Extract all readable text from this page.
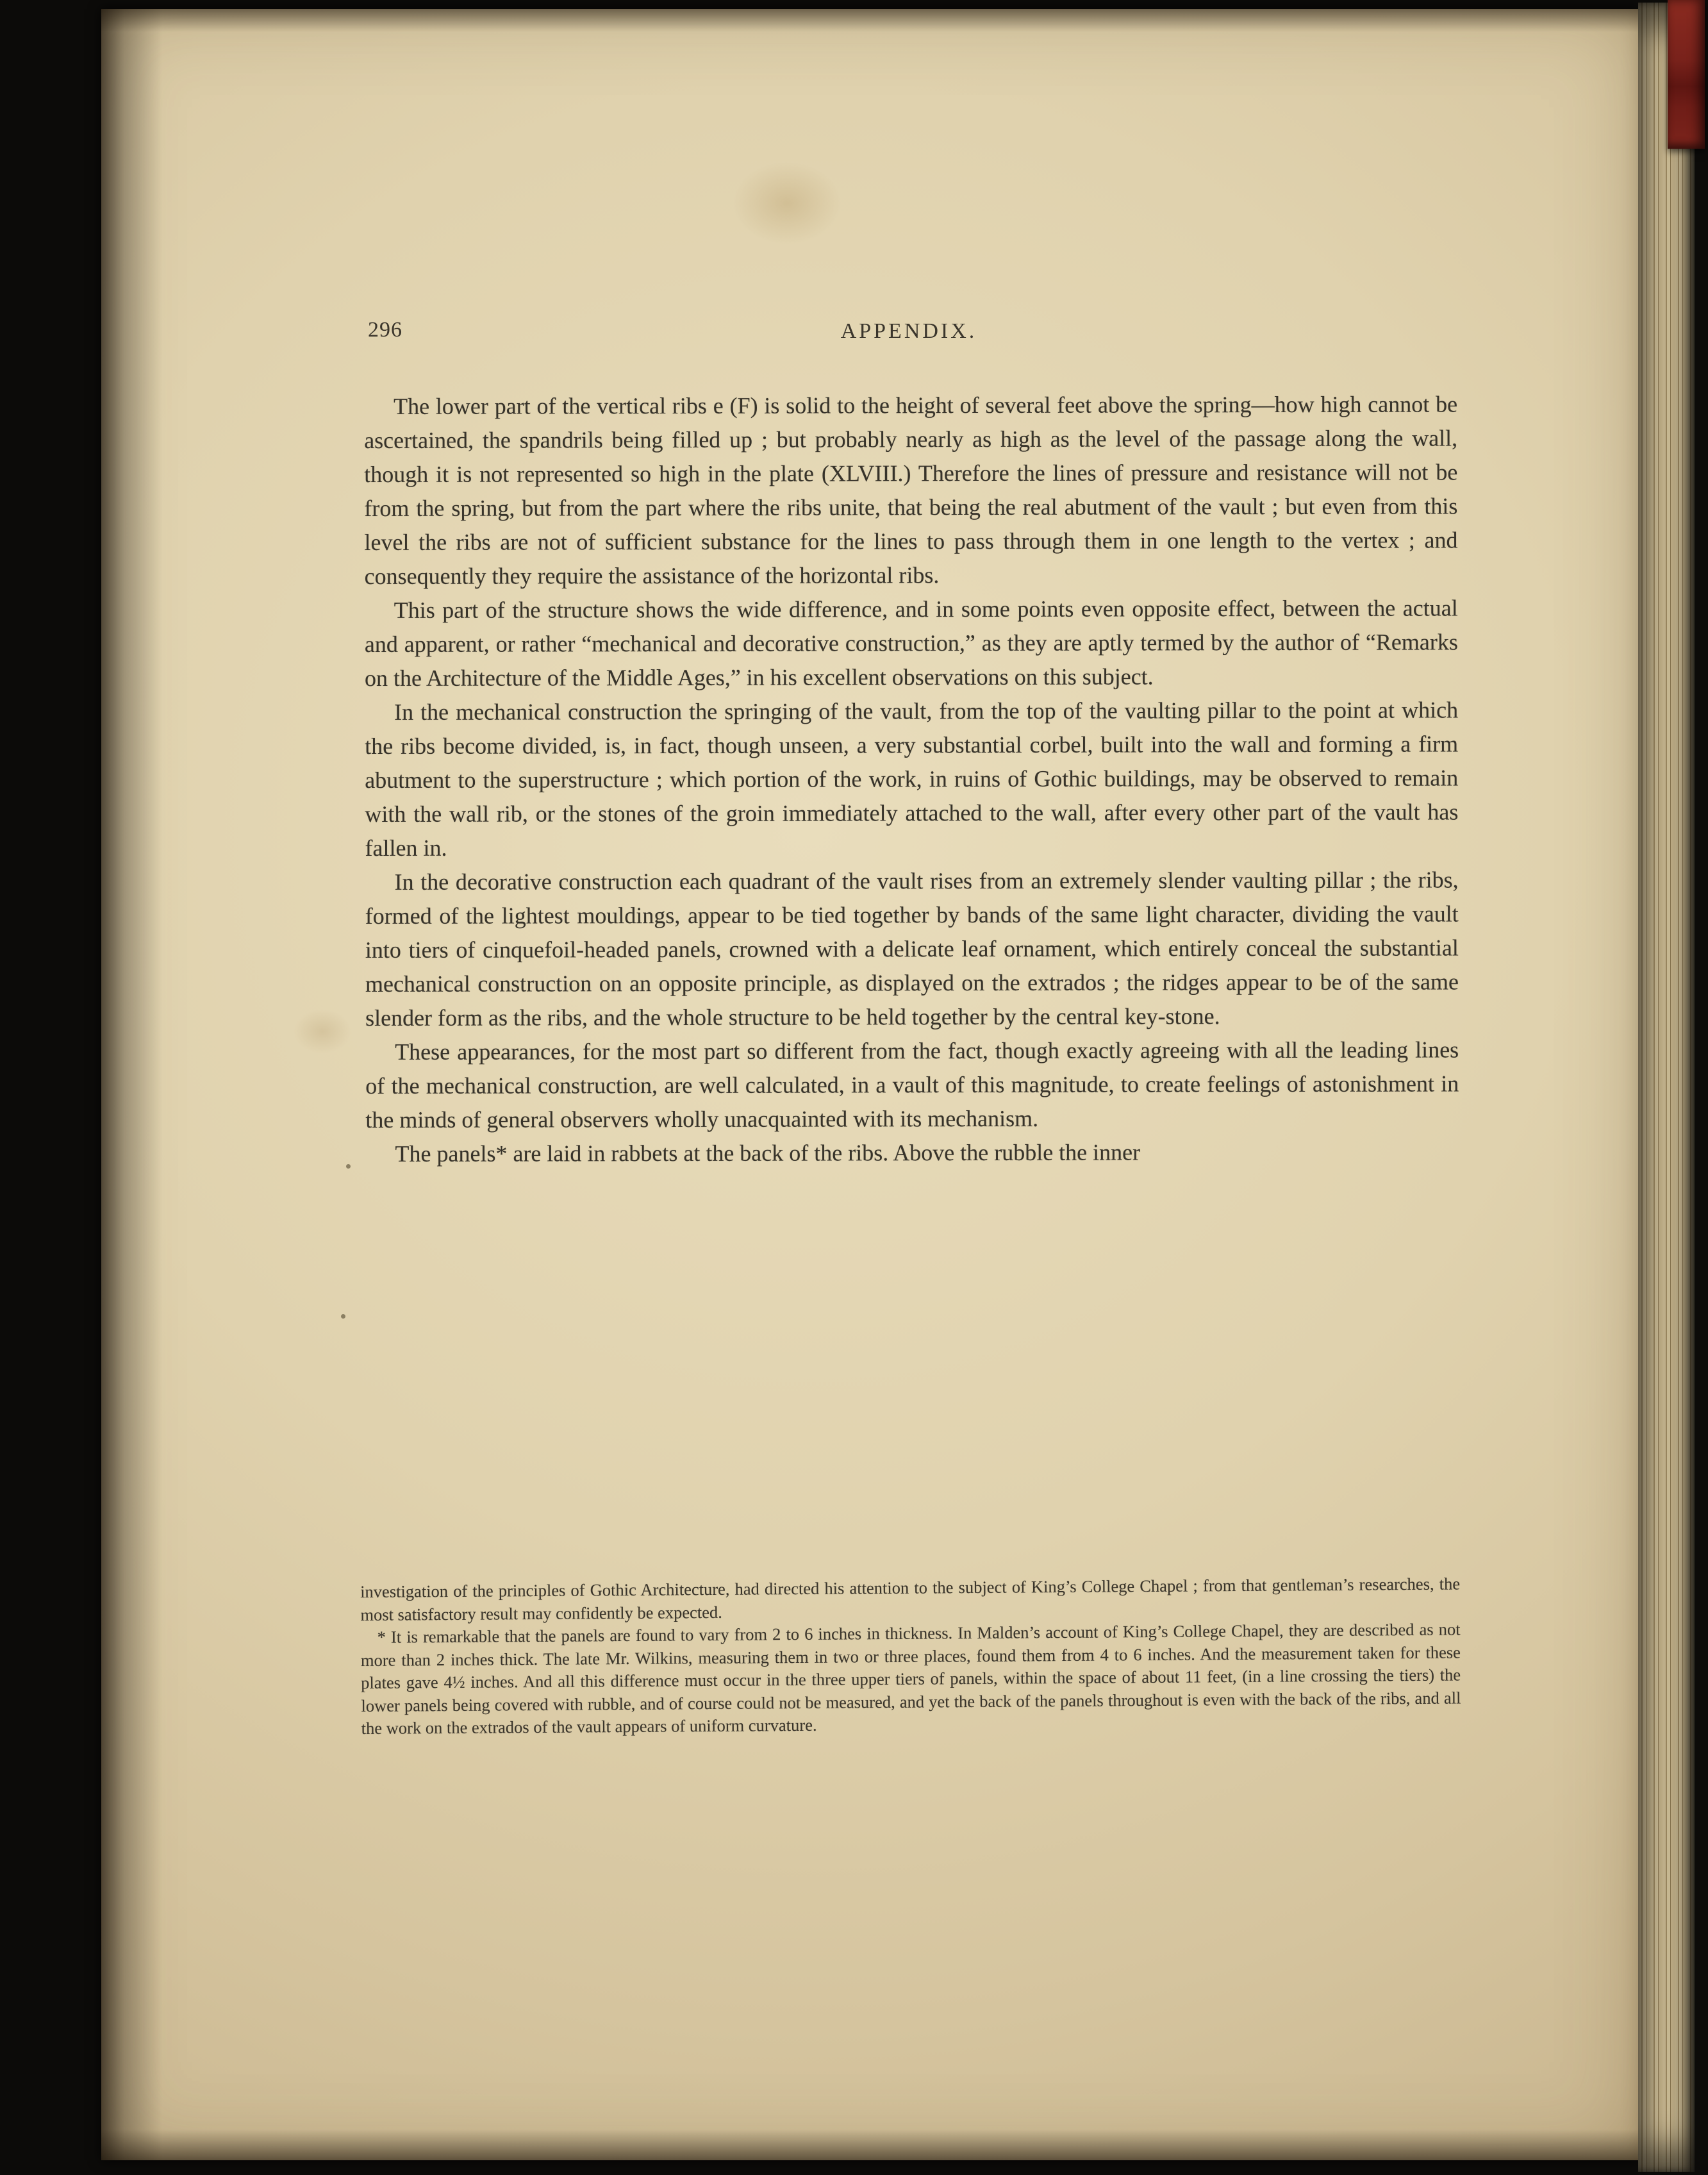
296	APPENDIX.

The lower part of the vertical ribs e (F) is solid to the height of several feet above the spring—how high cannot be ascertained, the spandrils being filled up ; but probably nearly as high as the level of the passage along the wall, though it is not represented so high in the plate (XLVIII.) Therefore the lines of pressure and resistance will not be from the spring, but from the part where the ribs unite, that being the real abutment of the vault ; but even from this level the ribs are not of sufficient substance for the lines to pass through them in one length to the vertex ; and consequently they require the assistance of the horizontal ribs.

This part of the structure shows the wide difference, and in some points even opposite effect, between the actual and apparent, or rather “mechanical and decorative construction,” as they are aptly termed by the author of “Remarks on the Architecture of the Middle Ages,” in his excellent observations on this subject.

In the mechanical construction the springing of the vault, from the top of the vaulting pillar to the point at which the ribs become divided, is, in fact, though unseen, a very substantial corbel, built into the wall and forming a firm abutment to the superstructure ; which portion of the work, in ruins of Gothic buildings, may be observed to remain with the wall rib, or the stones of the groin immediately attached to the wall, after every other part of the vault has fallen in.

In the decorative construction each quadrant of the vault rises from an extremely slender vaulting pillar ; the ribs, formed of the lightest mouldings, appear to be tied together by bands of the same light character, dividing the vault into tiers of cinquefoil-headed panels, crowned with a delicate leaf ornament, which entirely conceal the substantial mechanical construction on an opposite principle, as displayed on the extrados ; the ridges appear to be of the same slender form as the ribs, and the whole structure to be held together by the central key-stone.

These appearances, for the most part so different from the fact, though exactly agreeing with all the leading lines of the mechanical construction, are well calculated, in a vault of this magnitude, to create feelings of astonishment in the minds of general observers wholly unacquainted with its mechanism.

The panels* are laid in rabbets at the back of the ribs. Above the rubble the inner

investigation of the principles of Gothic Architecture, had directed his attention to the subject of King’s College Chapel ; from that gentleman’s researches, the most satisfactory result may confidently be expected.

* It is remarkable that the panels are found to vary from 2 to 6 inches in thickness. In Malden’s account of King’s College Chapel, they are described as not more than 2 inches thick. The late Mr. Wilkins, measuring them in two or three places, found them from 4 to 6 inches. And the measurement taken for these plates gave 4½ inches. And all this difference must occur in the three upper tiers of panels, within the space of about 11 feet, (in a line crossing the tiers) the lower panels being covered with rubble, and of course could not be measured, and yet the back of the panels throughout is even with the back of the ribs, and all the work on the extrados of the vault appears of uniform curvature.
